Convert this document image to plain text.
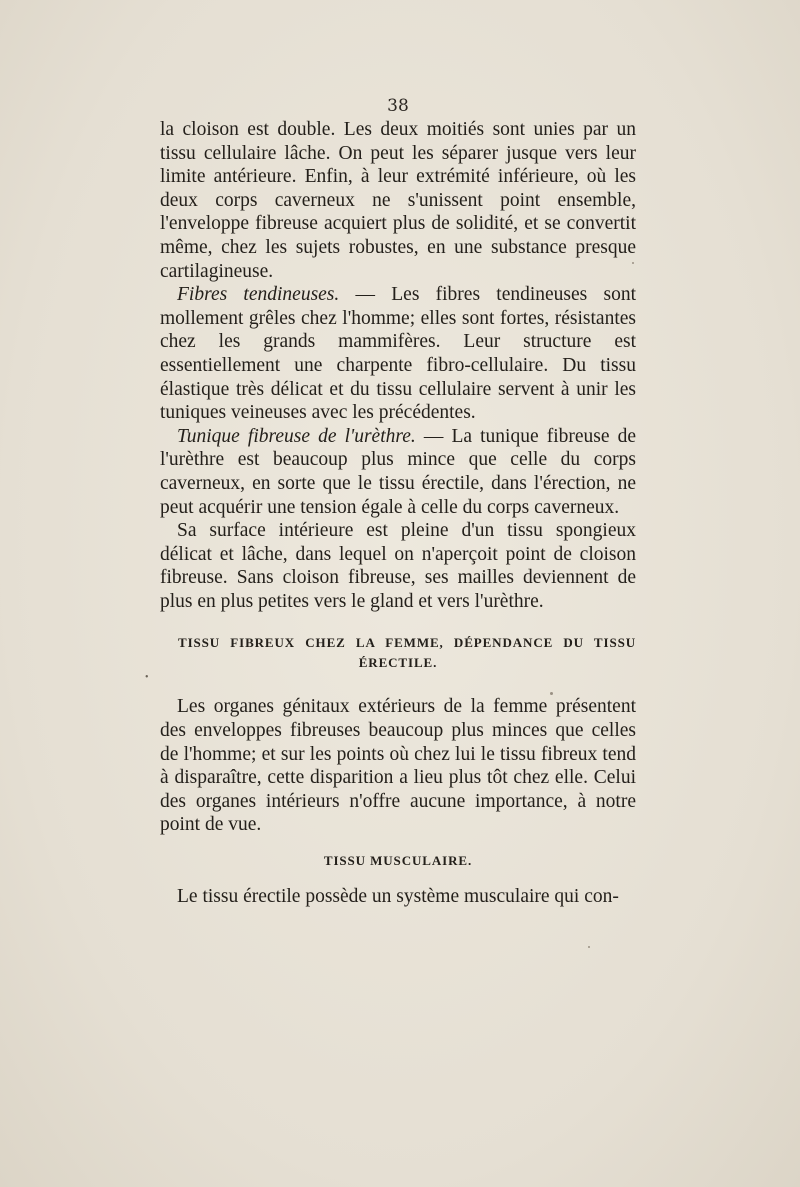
38
•

la cloison est double. Les deux moitiés sont unies par un tissu cellulaire lâche. On peut les séparer jusque vers leur limite antérieure. Enfin, à leur extrémité inférieure, où les deux corps caverneux ne s'unissent point ensemble, l'enveloppe fibreuse acquiert plus de solidité, et se convertit même, chez les sujets robustes, en une substance presque cartilagineuse.

Fibres tendineuses. — Les fibres tendineuses sont mollement grêles chez l'homme; elles sont fortes, résistantes chez les grands mammifères. Leur structure est essentiellement une charpente fibro-cellulaire. Du tissu élastique très délicat et du tissu cellulaire servent à unir les tuniques veineuses avec les précédentes.

Tunique fibreuse de l'urèthre. — La tunique fibreuse de l'urèthre est beaucoup plus mince que celle du corps caverneux, en sorte que le tissu érectile, dans l'érection, ne peut acquérir une tension égale à celle du corps caverneux.

Sa surface intérieure est pleine d'un tissu spongieux délicat et lâche, dans lequel on n'aperçoit point de cloison fibreuse. Sans cloison fibreuse, ses mailles deviennent de plus en plus petites vers le gland et vers l'urèthre.

TISSU FIBREUX CHEZ LA FEMME, DÉPENDANCE DU TISSU ÉRECTILE.

Les organes génitaux extérieurs de la femme présentent des enveloppes fibreuses beaucoup plus minces que celles de l'homme; et sur les points où chez lui le tissu fibreux tend à disparaître, cette disparition a lieu plus tôt chez elle. Celui des organes intérieurs n'offre aucune importance, à notre point de vue.

TISSU MUSCULAIRE.

Le tissu érectile possède un système musculaire qui con-
